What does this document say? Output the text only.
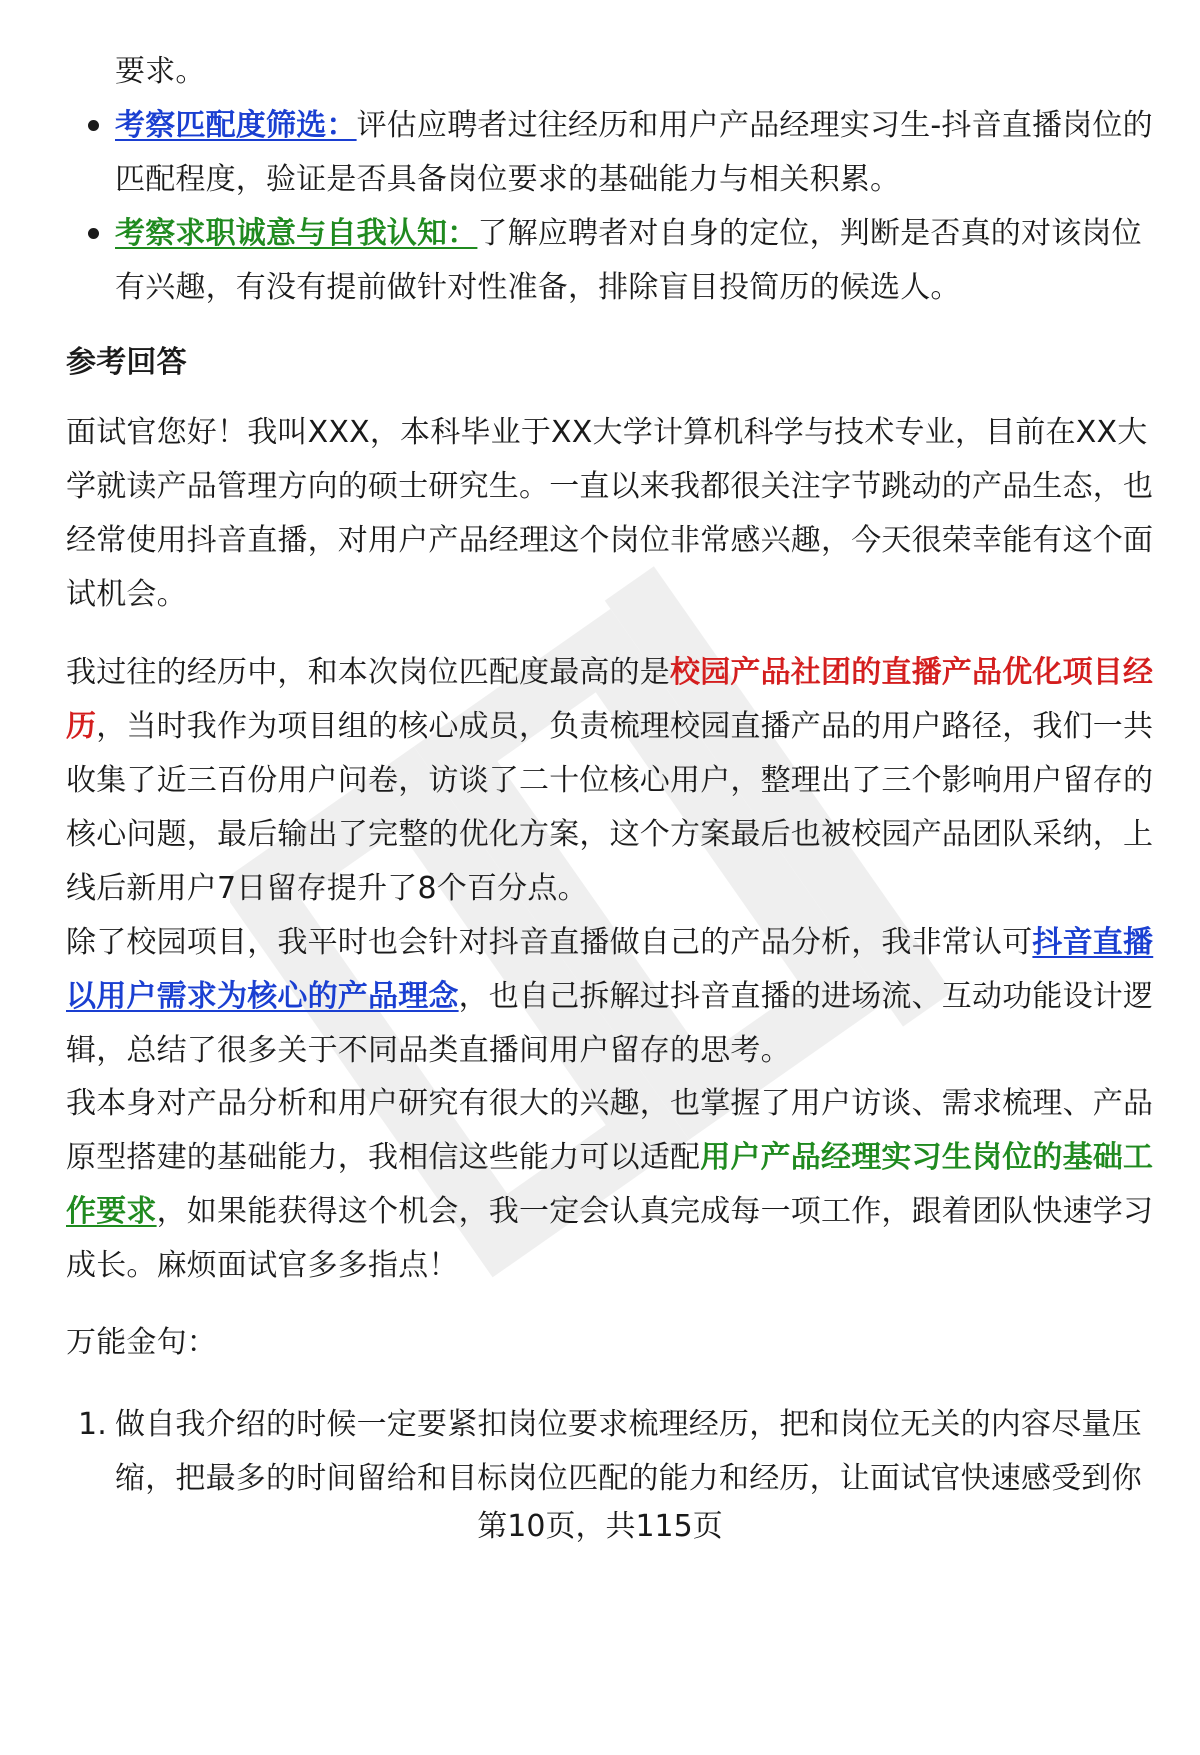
要求。
考察匹配度筛选：评估应聘者过往经历和用户产品经理实习生-抖音直播岗位的
匹配程度，验证是否具备岗位要求的基础能力与相关积累。
考察求职诚意与自我认知：了解应聘者对自身的定位，判断是否真的对该岗位
有兴趣，有没有提前做针对性准备，排除盲目投简历的候选人。
参考回答
面试官您好！我叫XXX，本科毕业于XX大学计算机科学与技术专业，目前在XX大
学就读产品管理方向的硕士研究生。一直以来我都很关注字节跳动的产品生态，也
经常使用抖音直播，对用户产品经理这个岗位非常感兴趣，今天很荣幸能有这个面
试机会。
我过往的经历中，和本次岗位匹配度最高的是校园产品社团的直播产品优化项目经
历，当时我作为项目组的核心成员，负责梳理校园直播产品的用户路径，我们一共
收集了近三百份用户问卷，访谈了二十位核心用户，整理出了三个影响用户留存的
核心问题，最后输出了完整的优化方案，这个方案最后也被校园产品团队采纳，上
线后新用户7日留存提升了8个百分点。
除了校园项目，我平时也会针对抖音直播做自己的产品分析，我非常认可抖音直播
以用户需求为核心的产品理念，也自己拆解过抖音直播的进场流、互动功能设计逻
辑，总结了很多关于不同品类直播间用户留存的思考。
我本身对产品分析和用户研究有很大的兴趣，也掌握了用户访谈、需求梳理、产品
原型搭建的基础能力，我相信这些能力可以适配用户产品经理实习生岗位的基础工
作要求，如果能获得这个机会，我一定会认真完成每一项工作，跟着团队快速学习
成长。麻烦面试官多多指点！
万能金句：
1. 做自我介绍的时候一定要紧扣岗位要求梳理经历，把和岗位无关的内容尽量压
缩，把最多的时间留给和目标岗位匹配的能力和经历，让面试官快速感受到你
第10页，共115页
